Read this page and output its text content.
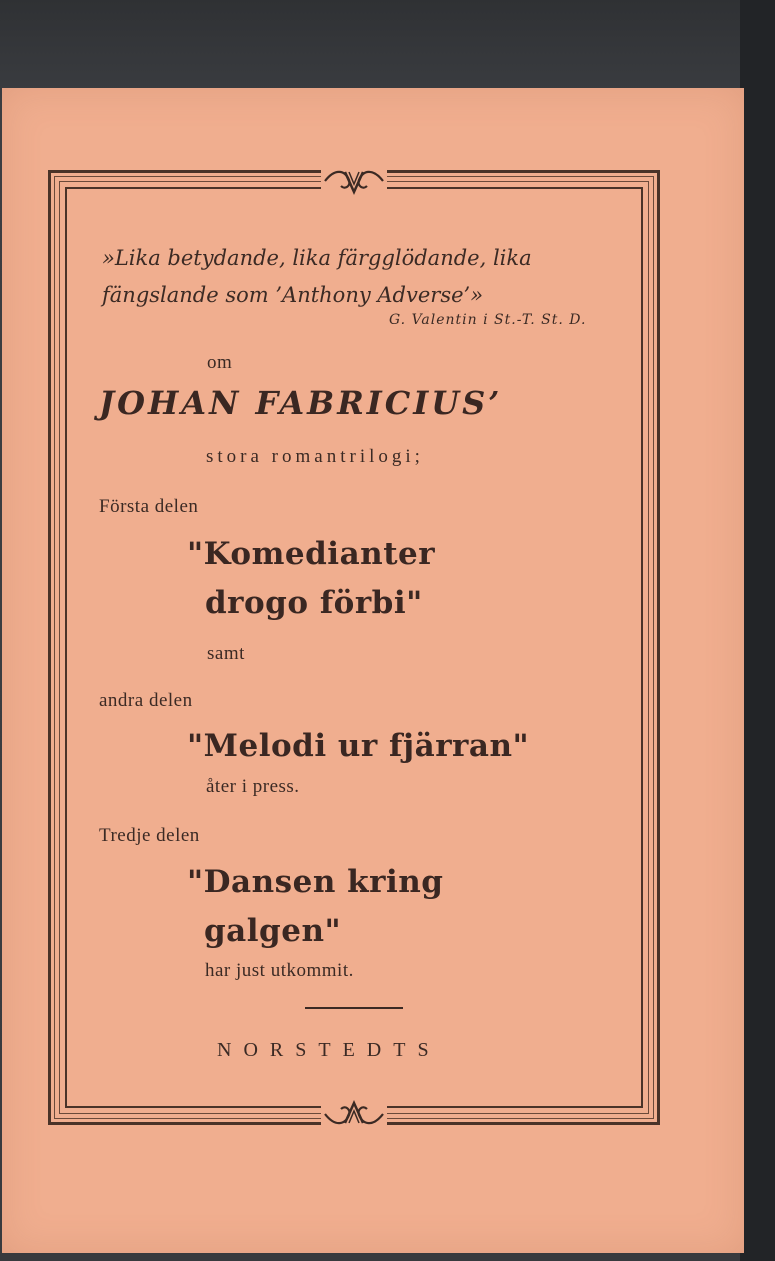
»Lika betydande, lika färgglödande, lika fängslande som ’Anthony Adverse’»

G. Valentin i St.-T. St. D.

om

JOHAN FABRICIUS’

stora romantrilogi;

Första delen

"Komedianter

drogo förbi"

samt

andra delen

"Melodi ur fjärran"

åter i press.

Tredje delen

"Dansen kring

galgen"

har just utkommit.

NORSTEDTS
